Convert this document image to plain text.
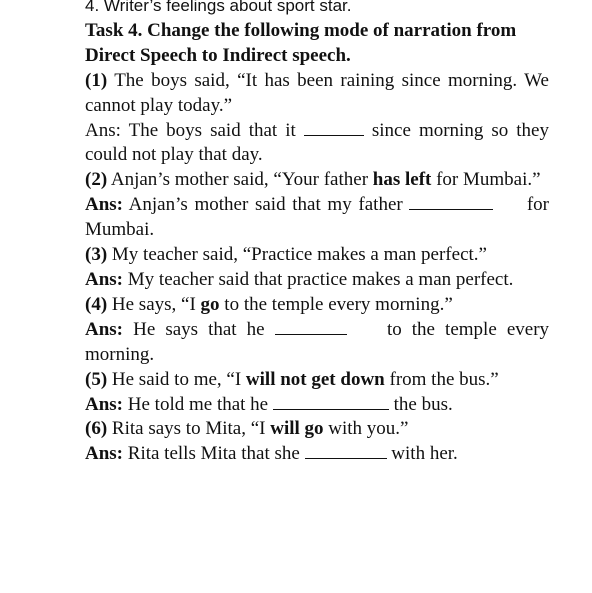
4. Writer’s feelings about sport star.
Task 4. Change the following mode of narration from
Direct Speech to Indirect speech.
(1) The boys said, “It has been raining since morning. We cannot play today.”
Ans: The boys said that it	since morning so they could not play that day.
(2) Anjan’s mother said, “Your father has left for Mumbai.”
Ans: Anjan’s mother said that my father	for Mumbai.
(3) My teacher said, “Practice makes a man perfect.”
Ans: My teacher said that practice makes a man perfect.
(4) He says, “I go to the temple every morning.”
Ans: He says that he	to the temple every morning.
(5) He said to me, “I will not get down from the bus.”
Ans: He told me that he	the bus.
(6) Rita says to Mita, “I will go with you.”
Ans: Rita tells Mita that she	with her.
